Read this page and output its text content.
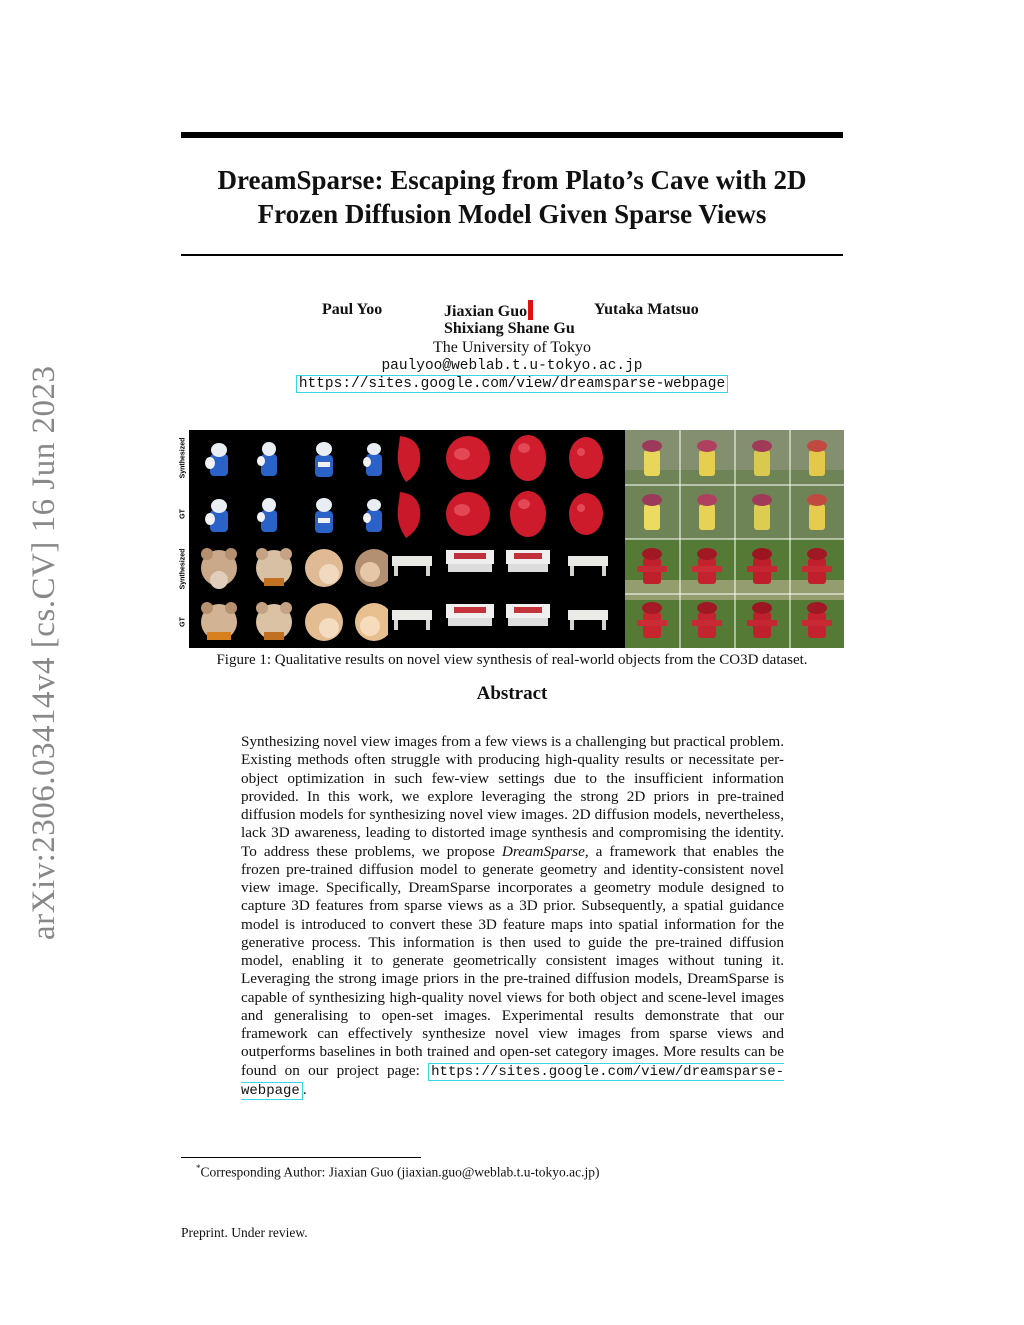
arXiv:2306.03414v4 [cs.CV] 16 Jun 2023
DreamSparse: Escaping from Plato’s Cave with 2D
Frozen Diffusion Model Given Sparse Views
Paul Yoo	Jiaxian Guo	Yutaka Matsuo
Shixiang Shane Gu
The University of Tokyo
paulyoo@weblab.t.u-tokyo.ac.jp
https://sites.google.com/view/dreamsparse-webpage
Synthesized
GT
Synthesized
GT
Figure 1: Qualitative results on novel view synthesis of real-world objects from the CO3D dataset.
Abstract

Synthesizing novel view images from a few views is a challenging but practical problem. Existing methods often struggle with producing high-quality results or necessitate per-object optimization in such few-view settings due to the insufficient information provided. In this work, we explore leveraging the strong 2D priors in pre-trained diffusion models for synthesizing novel view images. 2D diffusion models, nevertheless, lack 3D awareness, leading to distorted image synthesis and compromising the identity. To address these problems, we propose DreamSparse, a framework that enables the frozen pre-trained diffusion model to generate geometry and identity-consistent novel view image. Specifically, DreamSparse incorporates a geometry module designed to capture 3D features from sparse views as a 3D prior. Subsequently, a spatial guidance model is introduced to convert these 3D feature maps into spatial information for the generative process. This information is then used to guide the pre-trained diffusion model, enabling it to generate geometrically consistent images without tuning it. Leveraging the strong image priors in the pre-trained diffusion models, DreamSparse is capable of synthesizing high-quality novel views for both object and scene-level images and generalising to open-set images. Experimental results demonstrate that our framework can effectively synthesize novel view images from sparse views and outperforms baselines in both trained and open-set category images. More results can be found on our project page: https://sites.google.com/view/dreamsparse-webpage .

*Corresponding Author: Jiaxian Guo (jiaxian.guo@weblab.t.u-tokyo.ac.jp)
Preprint. Under review.
